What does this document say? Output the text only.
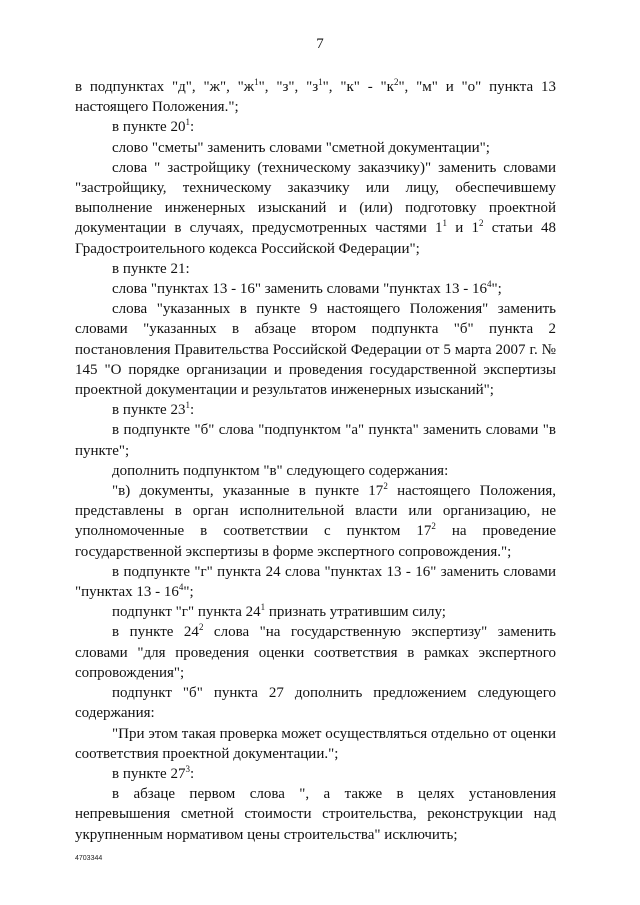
7

в подпунктах "д", "ж", "$ж^1$", "з", "$з^1$", "к" - "$к^2$", "м" и "о" пункта 13 настоящего Положения.";

в пункте $20^1$:

слово "сметы" заменить словами "сметной документации";

слова " застройщику (техническому заказчику)" заменить словами "застройщику, техническому заказчику или лицу, обеспечившему выполнение инженерных изысканий и (или) подготовку проектной документации в случаях, предусмотренных частями $1^1$ и $1^2$ статьи 48 Градостроительного кодекса Российской Федерации";

в пункте 21:

слова "пунктах 13 - 16" заменить словами "пунктах $13 - 16^4$";

слова "указанных в пункте 9 настоящего Положения" заменить словами "указанных в абзаце втором подпункта "б" пункта 2 постановления Правительства Российской Федерации от 5 марта 2007 г. № 145 "О порядке организации и проведения государственной экспертизы проектной документации и результатов инженерных изысканий";

в пункте $23^1$:

в подпункте "б" слова "подпунктом "а" пункта" заменить словами "в пункте";

дополнить подпунктом "в" следующего содержания:

"в) документы, указанные в пункте $17^2$ настоящего Положения, представлены в орган исполнительной власти или организацию, не уполномоченные в соответствии с пунктом $17^2$ на проведение государственной экспертизы в форме экспертного сопровождения.";

в подпункте "г" пункта 24 слова "пунктах 13 - 16" заменить словами "пунктах $13 - 16^4$";

подпункт "г" пункта $24^1$ признать утратившим силу;

в пункте $24^2$ слова "на государственную экспертизу" заменить словами "для проведения оценки соответствия в рамках экспертного сопровождения";

подпункт "б" пункта 27 дополнить предложением следующего содержания:

"При этом такая проверка может осуществляться отдельно от оценки соответствия проектной документации.";

в пункте $27^3$:

в абзаце первом слова ", а также в целях установления непревышения сметной стоимости строительства, реконструкции над укрупненным нормативом цены строительства" исключить;

4703344
